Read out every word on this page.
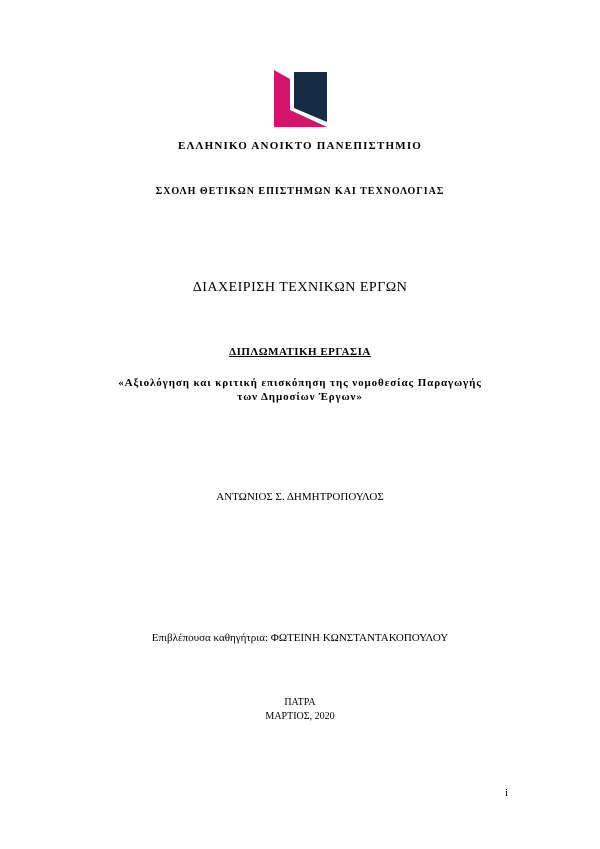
ΕΛΛΗΝΙΚΟ ΑΝΟΙΚΤΟ ΠΑΝΕΠΙΣΤΗΜΙΟ
ΣΧΟΛΗ ΘΕΤΙΚΩΝ ΕΠΙΣΤΗΜΩΝ ΚΑΙ ΤΕΧΝΟΛΟΓΙΑΣ
ΔΙΑΧΕΙΡΙΣΗ ΤΕΧΝΙΚΩΝ ΕΡΓΩΝ
ΔΙΠΛΩΜΑΤΙΚΗ ΕΡΓΑΣΙΑ
«Αξιολόγηση και κριτική επισκόπηση της νομοθεσίας Παραγωγής
των Δημοσίων Έργων»
ΑΝΤΩΝΙΟΣ Σ. ΔΗΜΗΤΡΟΠΟΥΛΟΣ
Επιβλέπουσα καθηγήτρια: ΦΩΤΕΙΝΗ ΚΩΝΣΤΑΝΤΑΚΟΠΟΥΛΟΥ
ΠΑΤΡΑ
ΜΑΡΤΙΟΣ, 2020
i
